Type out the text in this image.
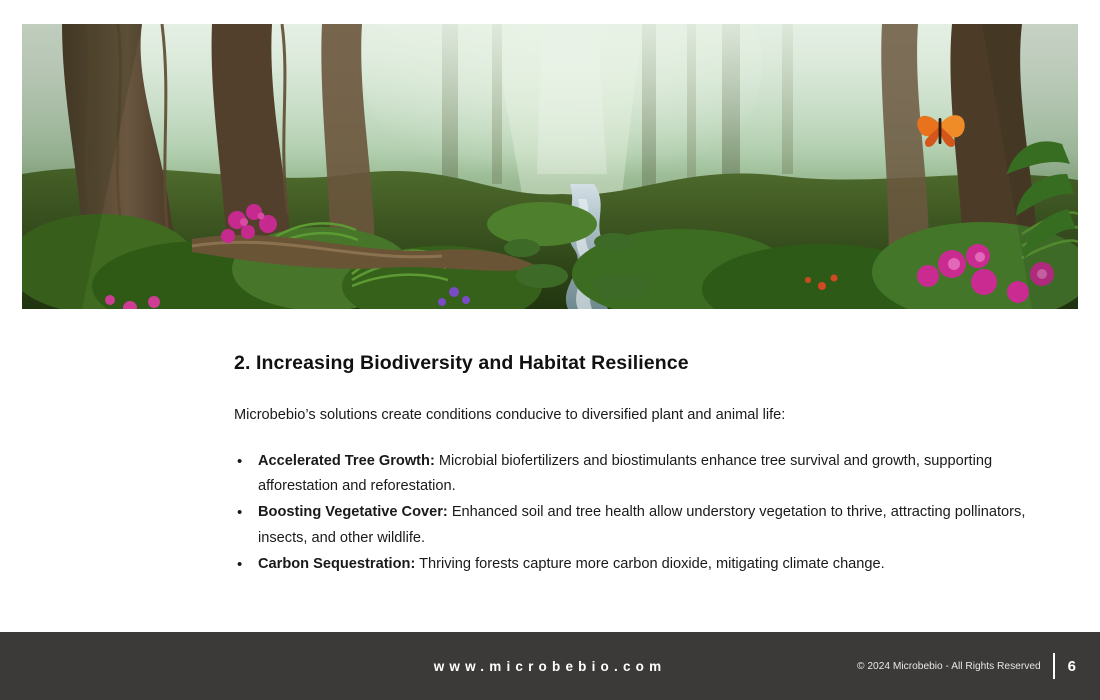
2. Increasing Biodiversity and Habitat Resilience
Microbebio’s solutions create conditions conducive to diversified plant and animal life:
• Accelerated Tree Growth: Microbial biofertilizers and biostimulants enhance tree survival and growth, supporting afforestation and reforestation.
• Boosting Vegetative Cover: Enhanced soil and tree health allow understory vegetation to thrive, attracting pollinators, insects, and other wildlife.
• Carbon Sequestration: Thriving forests capture more carbon dioxide, mitigating climate change.
www.microbebio.com	© 2024 Microbebio - All Rights Reserved	6
